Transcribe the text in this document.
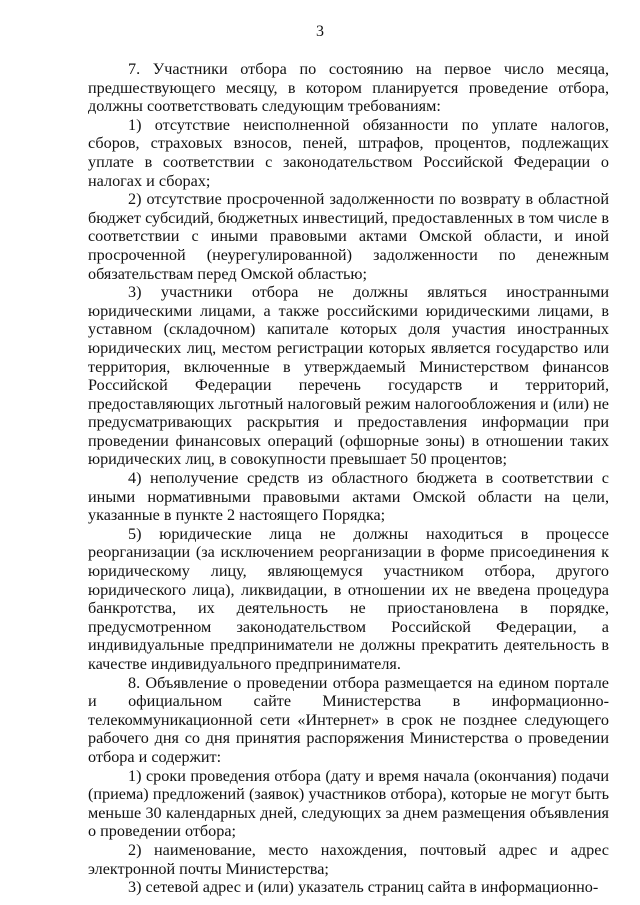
3

7. Участники отбора по состоянию на первое число месяца, предшествующего месяцу, в котором планируется проведение отбора, должны соответствовать следующим требованиям:

1) отсутствие неисполненной обязанности по уплате налогов, сборов, страховых взносов, пеней, штрафов, процентов, подлежащих уплате в соответствии с законодательством Российской Федерации о налогах и сборах;

2) отсутствие просроченной задолженности по возврату в областной бюджет субсидий, бюджетных инвестиций, предоставленных в том числе в соответствии с иными правовыми актами Омской области, и иной просроченной (неурегулированной) задолженности по денежным обязательствам перед Омской областью;

3) участники отбора не должны являться иностранными юридическими лицами, а также российскими юридическими лицами, в уставном (складочном) капитале которых доля участия иностранных юридических лиц, местом регистрации которых является государство или территория, включенные в утверждаемый Министерством финансов Российской Федерации перечень государств и территорий, предоставляющих льготный налоговый режим налогообложения и (или) не предусматривающих раскрытия и предоставления информации при проведении финансовых операций (офшорные зоны) в отношении таких юридических лиц, в совокупности превышает 50 процентов;

4) неполучение средств из областного бюджета в соответствии с иными нормативными правовыми актами Омской области на цели, указанные в пункте 2 настоящего Порядка;

5) юридические лица не должны находиться в процессе реорганизации (за исключением реорганизации в форме присоединения к юридическому лицу, являющемуся участником отбора, другого юридического лица), ликвидации, в отношении их не введена процедура банкротства, их деятельность не приостановлена в порядке, предусмотренном законодательством Российской Федерации, а индивидуальные предприниматели не должны прекратить деятельность в качестве индивидуального предпринимателя.

8. Объявление о проведении отбора размещается на едином портале и официальном сайте Министерства в информационно-телекоммуникационной сети «Интернет» в срок не позднее следующего рабочего дня со дня принятия распоряжения Министерства о проведении отбора и содержит:

1) сроки проведения отбора (дату и время начала (окончания) подачи (приема) предложений (заявок) участников отбора), которые не могут быть меньше 30 календарных дней, следующих за днем размещения объявления о проведении отбора;

2) наименование, место нахождения, почтовый адрес и адрес электронной почты Министерства;

3) сетевой адрес и (или) указатель страниц сайта в информационно-
